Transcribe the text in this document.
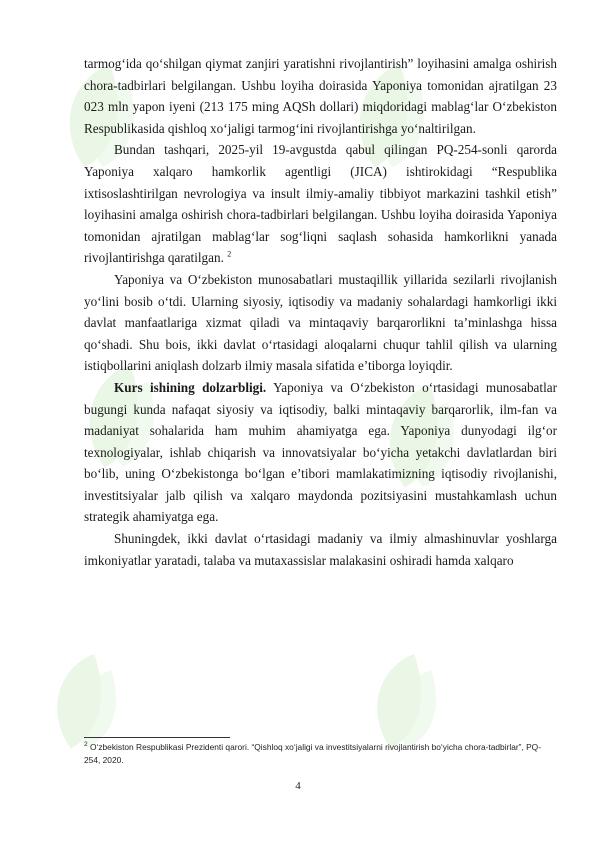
tarmog‘ida qo‘shilgan qiymat zanjiri yaratishni rivojlantirish” loyihasini amalga oshirish chora-tadbirlari belgilangan. Ushbu loyiha doirasida Yaponiya tomonidan ajratilgan 23 023 mln yapon iyeni (213 175 ming AQSh dollari) miqdoridagi mablag‘lar O‘zbekiston Respublikasida qishloq xo‘jaligi tarmog‘ini rivojlantirishga yo‘naltirilgan.

Bundan tashqari, 2025-yil 19-avgustda qabul qilingan PQ-254-sonli qarorda Yaponiya xalqaro hamkorlik agentligi (JICA) ishtirokidagi “Respublika ixtisoslashtirilgan nevrologiya va insult ilmiy-amaliy tibbiyot markazini tashkil etish” loyihasini amalga oshirish chora-tadbirlari belgilangan. Ushbu loyiha doirasida Yaponiya tomonidan ajratilgan mablag‘lar sog‘liqni saqlash sohasida hamkorlikni yanada rivojlantirishga qaratilgan. $^2$

Yaponiya va O‘zbekiston munosabatlari mustaqillik yillarida sezilarli rivojlanish yo‘lini bosib o‘tdi. Ularning siyosiy, iqtisodiy va madaniy sohalardagi hamkorligi ikki davlat manfaatlariga xizmat qiladi va mintaqaviy barqarorlikni ta’minlashga hissa qo‘shadi. Shu bois, ikki davlat o‘rtasidagi aloqalarni chuqur tahlil qilish va ularning istiqbollarini aniqlash dolzarb ilmiy masala sifatida e’tiborga loyiqdir.

Kurs ishining dolzarbligi. Yaponiya va O‘zbekiston o‘rtasidagi munosabatlar bugungi kunda nafaqat siyosiy va iqtisodiy, balki mintaqaviy barqarorlik, ilm-fan va madaniyat sohalarida ham muhim ahamiyatga ega. Yaponiya dunyodagi ilg‘or texnologiyalar, ishlab chiqarish va innovatsiyalar bo‘yicha yetakchi davlatlardan biri bo‘lib, uning O‘zbekistonga bo‘lgan e’tibori mamlakatimizning iqtisodiy rivojlanishi, investitsiyalar jalb qilish va xalqaro maydonda pozitsiyasini mustahkamlash uchun strategik ahamiyatga ega.

Shuningdek, ikki davlat o‘rtasidagi madaniy va ilmiy almashinuvlar yoshlarga imkoniyatlar yaratadi, talaba va mutaxassislar malakasini oshiradi hamda xalqaro

$^2$ O‘zbekiston Respublikasi Prezidenti qarori. “Qishloq xo‘jaligi va investitsiyalarni rivojlantirish bo‘yicha chora-tadbirlar”, PQ-254, 2020.
4
